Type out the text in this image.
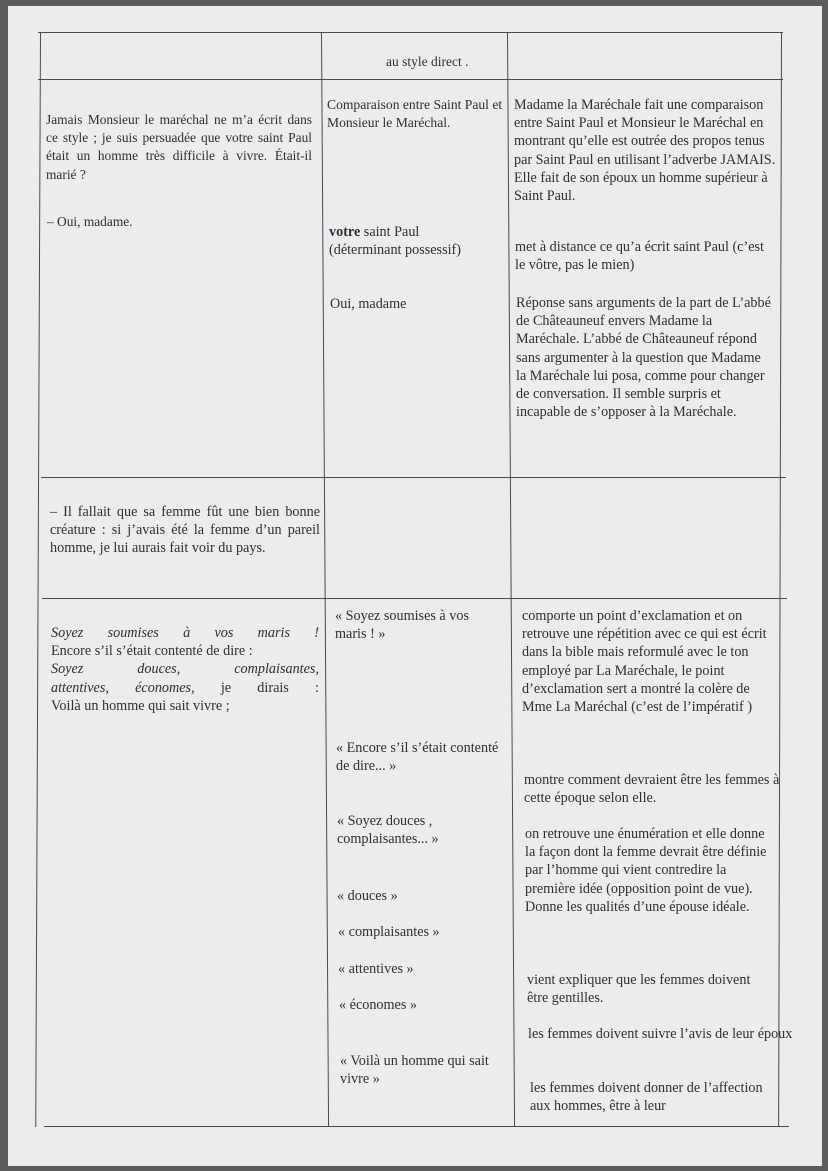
au style direct .
Jamais Monsieur le maréchal ne m’a écrit dans ce style ; je suis persuadée que votre saint Paul était un homme très difficile à vivre. Était-il marié ?
– Oui, madame.
Comparaison entre Saint Paul et Monsieur le Maréchal.
votre saint Paul
(déterminant possessif)
Oui, madame
Madame la Maréchale fait une comparaison entre Saint Paul et Monsieur le Maréchal en montrant qu’elle est outrée des propos tenus par Saint Paul en utilisant l’adverbe JAMAIS. Elle fait de son époux un homme supérieur à Saint Paul.
met à distance ce qu’a écrit saint Paul (c’est le vôtre, pas le mien)
Réponse sans arguments de la part de L’abbé de Châteauneuf envers Madame la Maréchale. L’abbé de Châteauneuf répond sans argumenter à la question que Madame la Maréchale lui posa, comme pour changer de conversation. Il semble surpris et incapable de s’opposer à la Maréchale.
– Il fallait que sa femme fût une bien bonne créature : si j’avais été la femme d’un pareil homme, je lui aurais fait voir du pays.
Soyez soumises à vos maris !
Encore s’il s’était contenté de dire :
Soyez douces, complaisantes,
attentives, économes, je dirais :
Voilà un homme qui sait vivre ;
« Soyez soumises à vos maris ! »
« Encore s’il s’était contenté de dire... »
« Soyez douces , complaisantes... »
« douces »
« complaisantes »
« attentives »
« économes »
« Voilà un homme qui sait vivre »
comporte un point d’exclamation et on retrouve une répétition avec ce qui est écrit dans la bible mais reformulé avec le ton employé par La Maréchale, le point d’exclamation sert a montré la colère de Mme La Maréchal (c’est de l’impératif )
montre comment devraient être les femmes à cette époque selon elle.
on retrouve une énumération et elle donne la façon dont la femme devrait être définie par l’homme qui vient contredire la première idée (opposition point de vue). Donne les qualités d’une épouse idéale.
vient expliquer que les femmes doivent être gentilles.
les femmes doivent suivre l’avis de leur époux
les femmes doivent donner de l’affection aux hommes, être à leur
